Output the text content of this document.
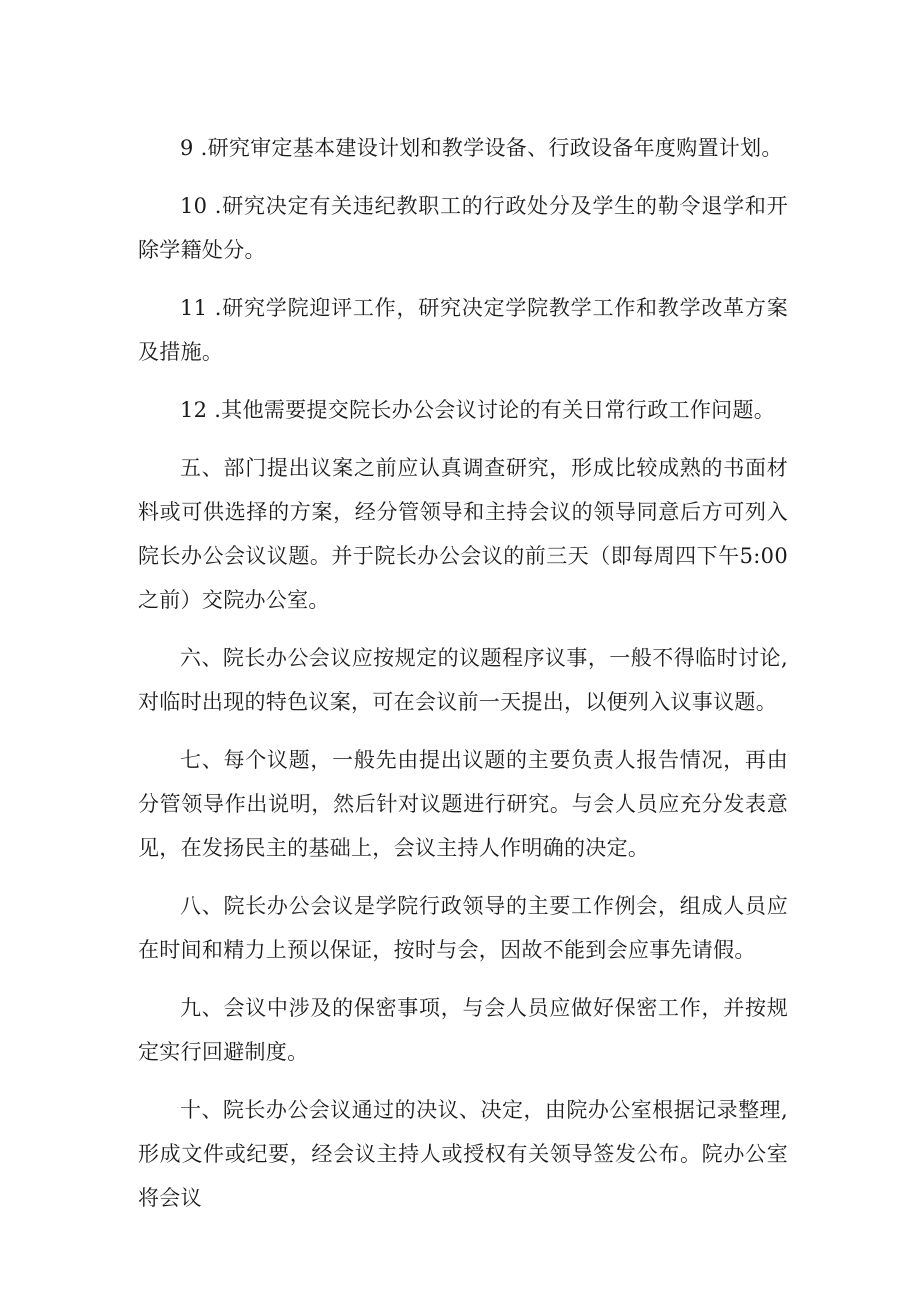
9 .研究审定基本建设计划和教学设备、行政设备年度购置计划。

10 .研究决定有关违纪教职工的行政处分及学生的勒令退学和开除学籍处分。

11 .研究学院迎评工作，研究决定学院教学工作和教学改革方案及措施。

12 .其他需要提交院长办公会议讨论的有关日常行政工作问题。

五、部门提出议案之前应认真调查研究，形成比较成熟的书面材料或可供选择的方案，经分管领导和主持会议的领导同意后方可列入院长办公会议议题。并于院长办公会议的前三天（即每周四下午5:00之前）交院办公室。

六、院长办公会议应按规定的议题程序议事，一般不得临时讨论,对临时出现的特色议案，可在会议前一天提出，以便列入议事议题。

七、每个议题，一般先由提出议题的主要负责人报告情况，再由分管领导作出说明，然后针对议题进行研究。与会人员应充分发表意见，在发扬民主的基础上，会议主持人作明确的决定。

八、院长办公会议是学院行政领导的主要工作例会，组成人员应在时间和精力上预以保证，按时与会，因故不能到会应事先请假。

九、会议中涉及的保密事项，与会人员应做好保密工作，并按规定实行回避制度。

十、院长办公会议通过的决议、决定，由院办公室根据记录整理,形成文件或纪要，经会议主持人或授权有关领导签发公布。院办公室将会议
